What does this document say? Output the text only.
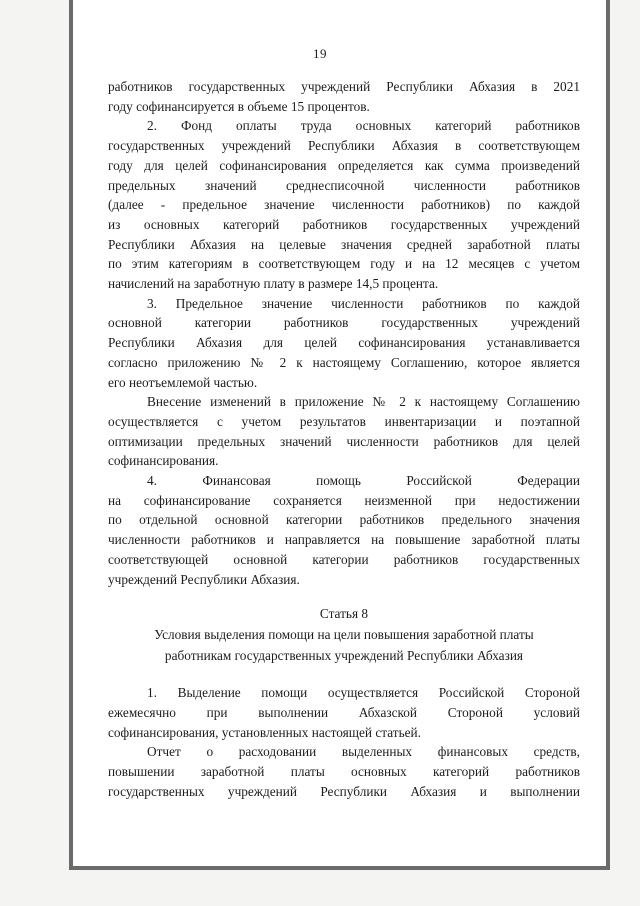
19

работников государственных учреждений Республики Абхазия в 2021

году софинансируется в объеме 15 процентов.

2. Фонд оплаты труда основных категорий работников

государственных учреждений Республики Абхазия в соответствующем

году для целей софинансирования определяется как сумма произведений

предельных значений среднесписочной численности работников

(далее - предельное значение численности работников) по каждой

из основных категорий работников государственных учреждений

Республики Абхазия на целевые значения средней заработной платы

по этим категориям в соответствующем году и на 12 месяцев с учетом

начислений на заработную плату в размере 14,5 процента.

3. Предельное значение численности работников по каждой

основной категории работников государственных учреждений

Республики Абхазия для целей софинансирования устанавливается

согласно приложению № 2 к настоящему Соглашению, которое является

его неотъемлемой частью.

Внесение изменений в приложение № 2 к настоящему Соглашению

осуществляется с учетом результатов инвентаризации и поэтапной

оптимизации предельных значений численности работников для целей

софинансирования.

4. Финансовая помощь Российской Федерации

на софинансирование сохраняется неизменной при недостижении

по отдельной основной категории работников предельного значения

численности работников и направляется на повышение заработной платы

соответствующей основной категории работников государственных

учреждений Республики Абхазия.

Статья 8
Условия выделения помощи на цели повышения заработной платы
работникам государственных учреждений Республики Абхазия

1. Выделение помощи осуществляется Российской Стороной

ежемесячно при выполнении Абхазской Стороной условий

софинансирования, установленных настоящей статьей.

Отчет о расходовании выделенных финансовых средств,

повышении заработной платы основных категорий работников

государственных учреждений Республики Абхазия и выполнении
